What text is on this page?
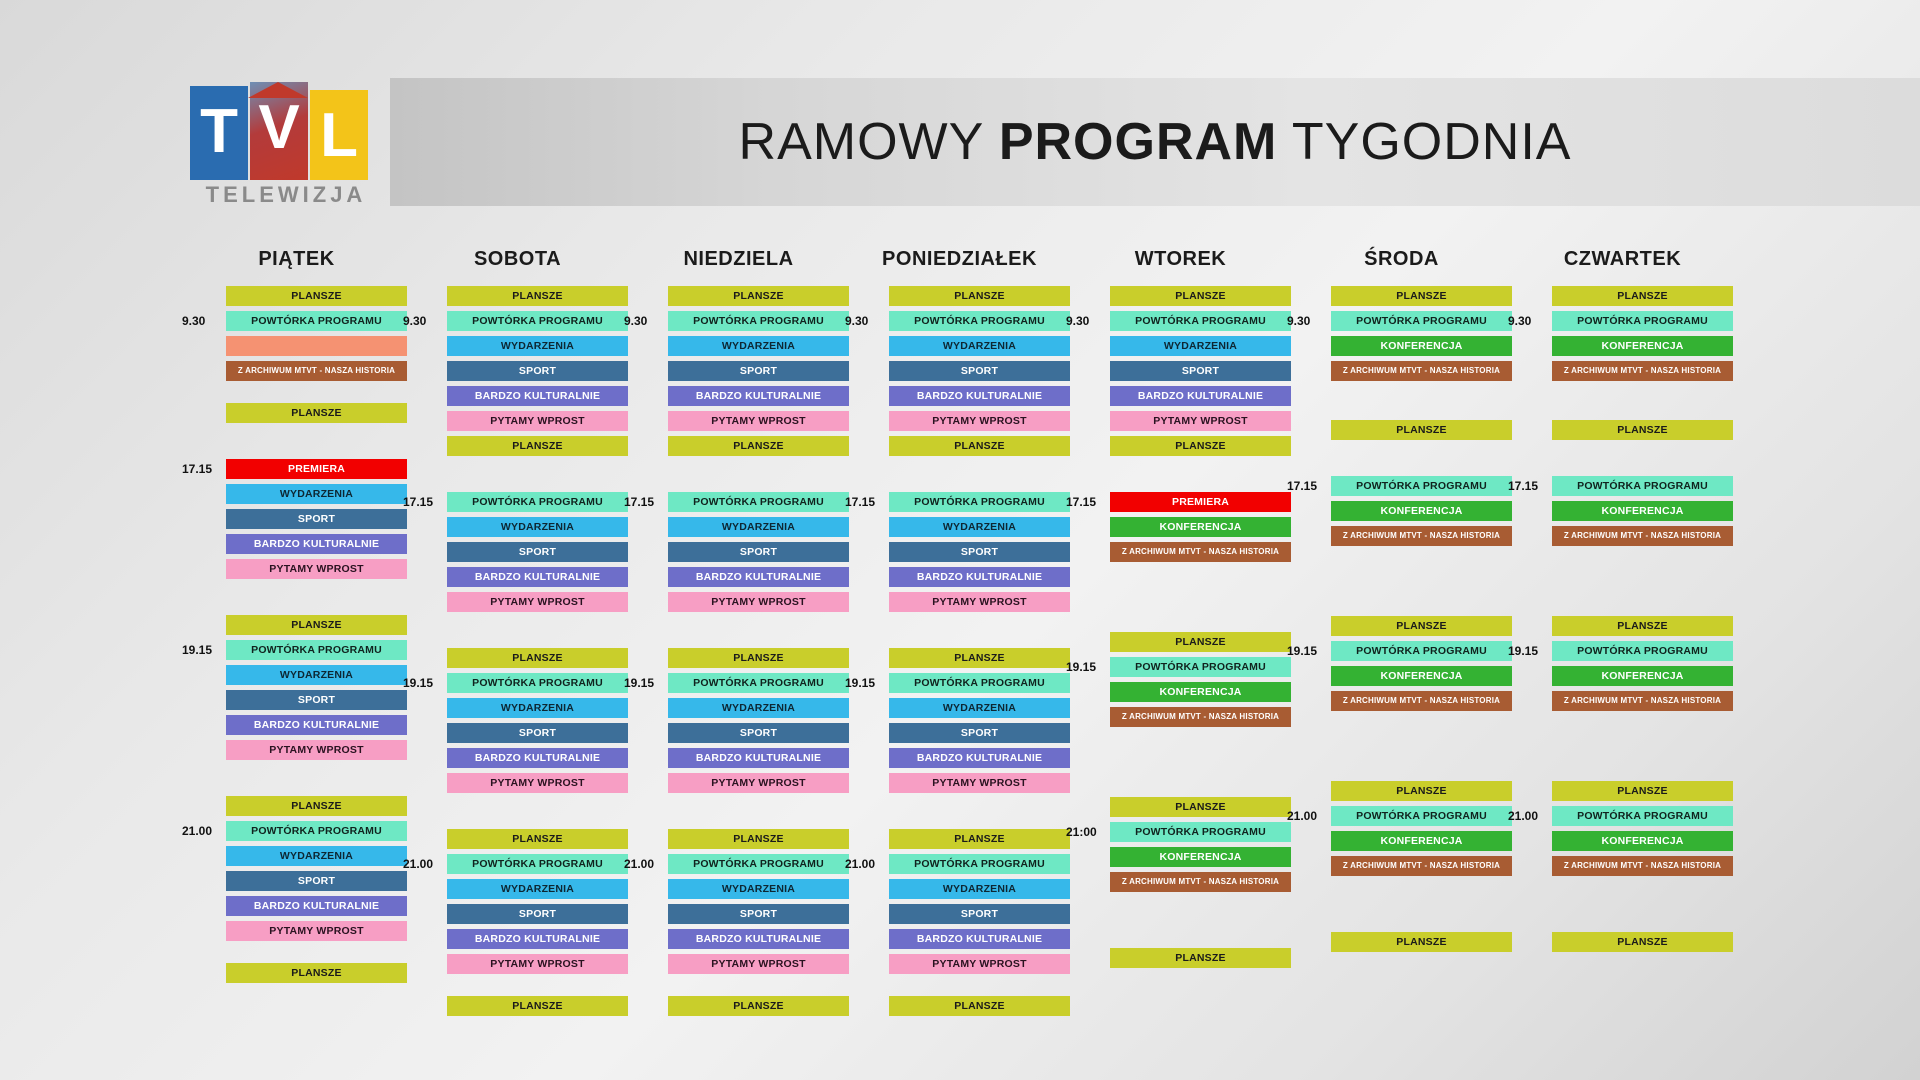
T V L
TELEWIZJA
RAMOWY PROGRAM TYGODNIA
PIĄTEK
PLANSZE
9.30	POWTÓRKA PROGRAMU
Z ARCHIWUM MTVT - NASZA HISTORIA
PLANSZE
17.15	PREMIERA
WYDARZENIA
SPORT
BARDZO KULTURALNIE
PYTAMY WPROST
PLANSZE
19.15	POWTÓRKA PROGRAMU
WYDARZENIA
SPORT
BARDZO KULTURALNIE
PYTAMY WPROST
PLANSZE
21.00	POWTÓRKA PROGRAMU
WYDARZENIA
SPORT
BARDZO KULTURALNIE
PYTAMY WPROST
PLANSZE
SOBOTA
PLANSZE
9.30	POWTÓRKA PROGRAMU
WYDARZENIA
SPORT
BARDZO KULTURALNIE
PYTAMY WPROST
PLANSZE
17.15	POWTÓRKA PROGRAMU
WYDARZENIA
SPORT
BARDZO KULTURALNIE
PYTAMY WPROST
PLANSZE
19.15	POWTÓRKA PROGRAMU
WYDARZENIA
SPORT
BARDZO KULTURALNIE
PYTAMY WPROST
PLANSZE
21.00	POWTÓRKA PROGRAMU
WYDARZENIA
SPORT
BARDZO KULTURALNIE
PYTAMY WPROST
PLANSZE
NIEDZIELA
PLANSZE
9.30	POWTÓRKA PROGRAMU
WYDARZENIA
SPORT
BARDZO KULTURALNIE
PYTAMY WPROST
PLANSZE
17.15	POWTÓRKA PROGRAMU
WYDARZENIA
SPORT
BARDZO KULTURALNIE
PYTAMY WPROST
PLANSZE
19.15	POWTÓRKA PROGRAMU
WYDARZENIA
SPORT
BARDZO KULTURALNIE
PYTAMY WPROST
PLANSZE
21.00	POWTÓRKA PROGRAMU
WYDARZENIA
SPORT
BARDZO KULTURALNIE
PYTAMY WPROST
PLANSZE
PONIEDZIAŁEK
PLANSZE
9.30	POWTÓRKA PROGRAMU
WYDARZENIA
SPORT
BARDZO KULTURALNIE
PYTAMY WPROST
PLANSZE
17.15	POWTÓRKA PROGRAMU
WYDARZENIA
SPORT
BARDZO KULTURALNIE
PYTAMY WPROST
PLANSZE
19.15	POWTÓRKA PROGRAMU
WYDARZENIA
SPORT
BARDZO KULTURALNIE
PYTAMY WPROST
PLANSZE
21.00	POWTÓRKA PROGRAMU
WYDARZENIA
SPORT
BARDZO KULTURALNIE
PYTAMY WPROST
PLANSZE
WTOREK
PLANSZE
9.30	POWTÓRKA PROGRAMU
WYDARZENIA
SPORT
BARDZO KULTURALNIE
PYTAMY WPROST
PLANSZE
17.15	PREMIERA
KONFERENCJA
Z ARCHIWUM MTVT - NASZA HISTORIA
PLANSZE
19.15	POWTÓRKA PROGRAMU
KONFERENCJA
Z ARCHIWUM MTVT - NASZA HISTORIA
PLANSZE
21:00	POWTÓRKA PROGRAMU
KONFERENCJA
Z ARCHIWUM MTVT - NASZA HISTORIA
PLANSZE
ŚRODA
PLANSZE
9.30	POWTÓRKA PROGRAMU
KONFERENCJA
Z ARCHIWUM MTVT - NASZA HISTORIA
PLANSZE
17.15	POWTÓRKA PROGRAMU
KONFERENCJA
Z ARCHIWUM MTVT - NASZA HISTORIA
PLANSZE
19.15	POWTÓRKA PROGRAMU
KONFERENCJA
Z ARCHIWUM MTVT - NASZA HISTORIA
PLANSZE
21.00	POWTÓRKA PROGRAMU
KONFERENCJA
Z ARCHIWUM MTVT - NASZA HISTORIA
PLANSZE
CZWARTEK
PLANSZE
9.30	POWTÓRKA PROGRAMU
KONFERENCJA
Z ARCHIWUM MTVT - NASZA HISTORIA
PLANSZE
17.15	POWTÓRKA PROGRAMU
KONFERENCJA
Z ARCHIWUM MTVT - NASZA HISTORIA
PLANSZE
19.15	POWTÓRKA PROGRAMU
KONFERENCJA
Z ARCHIWUM MTVT - NASZA HISTORIA
PLANSZE
21.00	POWTÓRKA PROGRAMU
KONFERENCJA
Z ARCHIWUM MTVT - NASZA HISTORIA
PLANSZE
